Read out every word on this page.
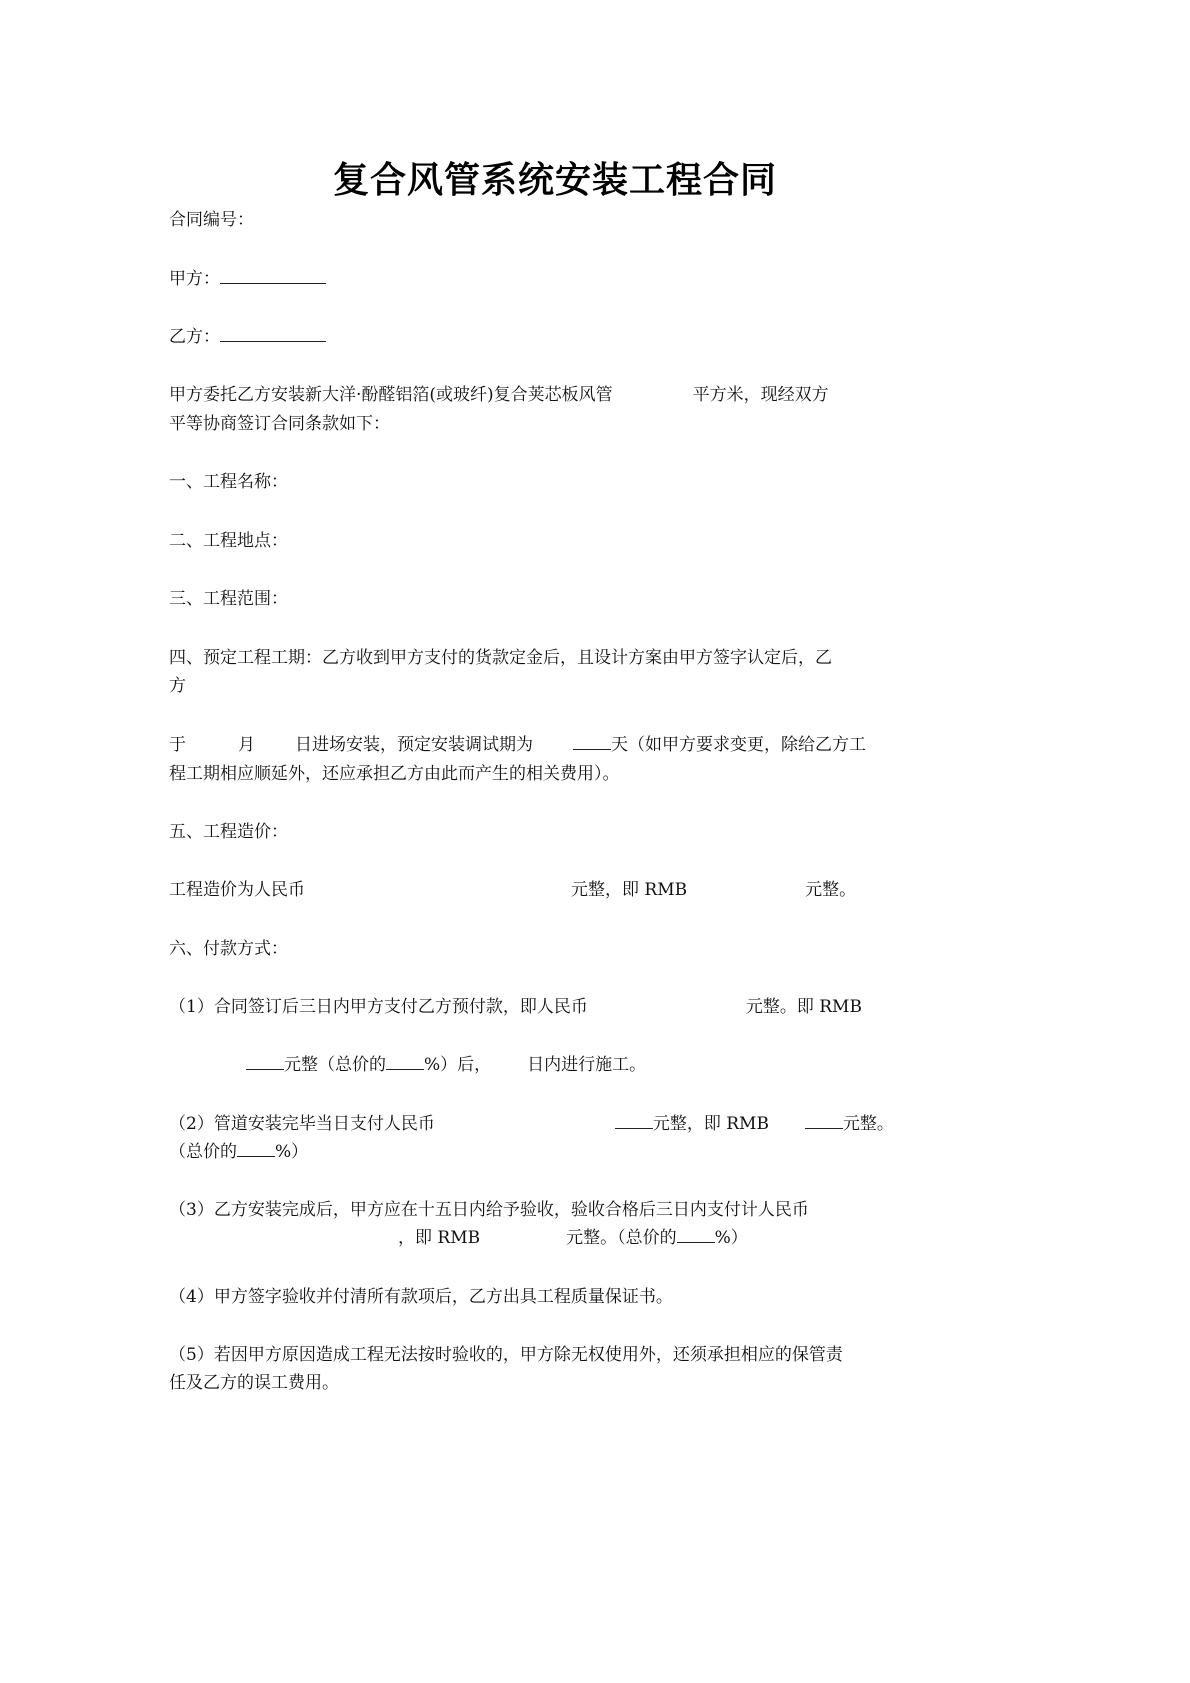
复合风管系统安装工程合同
合同编号：
甲方：
乙方：
甲方委托乙方安装新大洋·酚醛铝箔(或玻纤)复合荚芯板风管	平方米，现经双方
平等协商签订合同条款如下：
一、工程名称：
二、工程地点：
三、工程范围：
四、预定工程工期：乙方收到甲方支付的货款定金后，且设计方案由甲方签字认定后，乙
方
于	月 日进场安装，预定安装调试期为	天（如甲方要求变更，除给乙方工
程工期相应顺延外，还应承担乙方由此而产生的相关费用）。
五、工程造价：
工程造价为人民币	元整，即 RMB	元整。
六、付款方式：
（1）合同签订后三日内甲方支付乙方预付款，即人民币	元整。即 RMB
元整（总价的 %）后， 日内进行施工。
（2）管道安装完毕当日支付人民币	元整，即 RMB	元整。
（总价的 %）
（3）乙方安装完成后，甲方应在十五日内给予验收，验收合格后三日内支付计人民币
，即 RMB	元整。（总价的 %）
（4）甲方签字验收并付清所有款项后，乙方出具工程质量保证书。
（5）若因甲方原因造成工程无法按时验收的，甲方除无权使用外，还须承担相应的保管责
任及乙方的误工费用。
